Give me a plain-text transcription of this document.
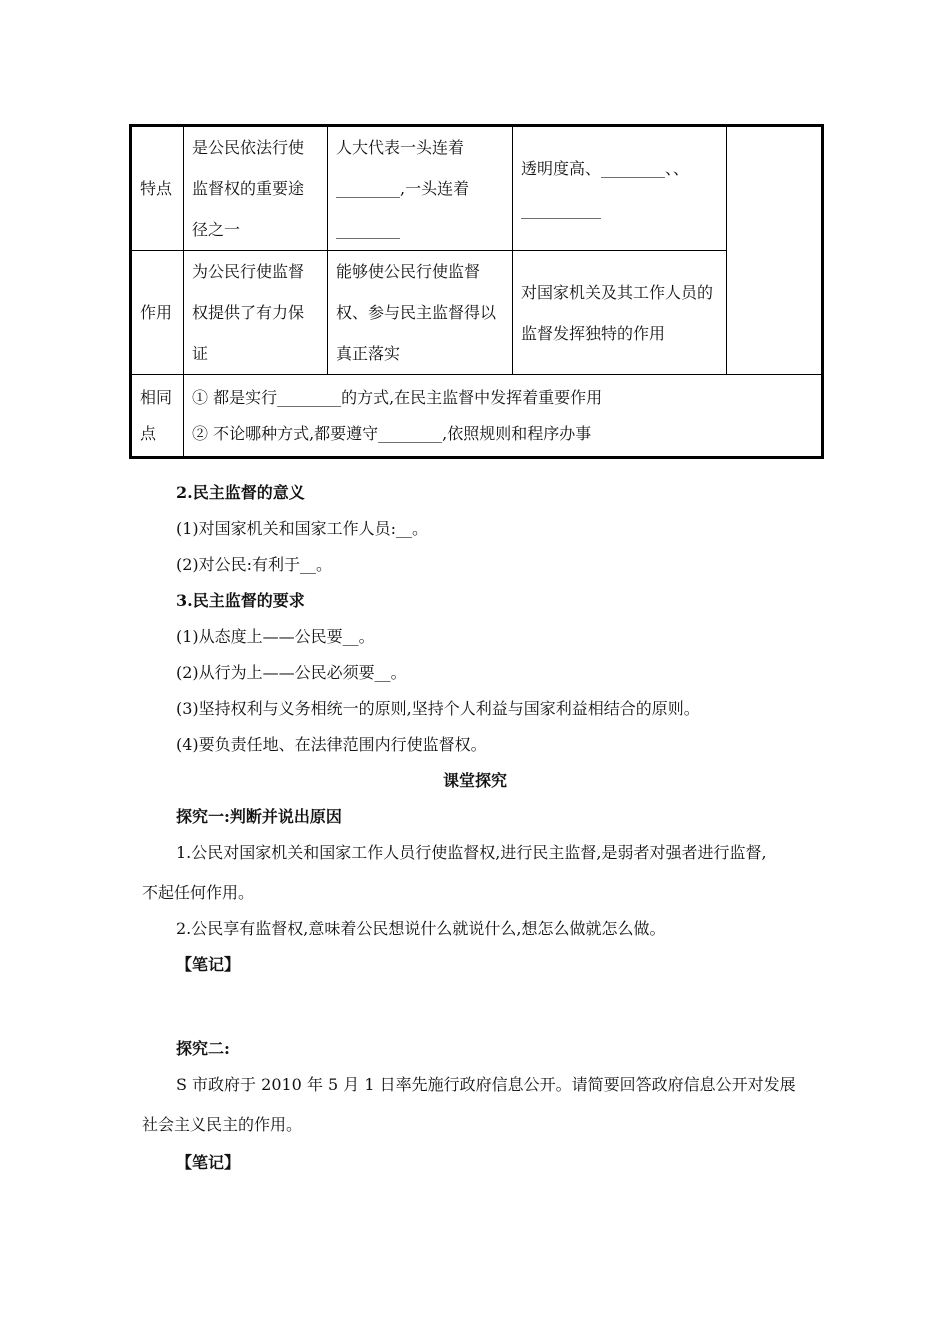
特点	是公民依法行使监督权的重要途径之一	人大代表一头连着________,一头连着________	透明度高、________、、__________	

作用	为公民行使监督权提供了有力保证	能够使公民行使监督权、参与民主监督得以真正落实	对国家机关及其工作人员的监督发挥独特的作用	

相同点	① 都是实行________的方式,在民主监督中发挥着重要作用
② 不论哪种方式,都要遵守________,依照规则和程序办事			
2.民主监督的意义
(1)对国家机关和国家工作人员:__。
(2)对公民:有利于__。
3.民主监督的要求
(1)从态度上——公民要__。
(2)从行为上——公民必须要__。
(3)坚持权利与义务相统一的原则,坚持个人利益与国家利益相结合的原则。
(4)要负责任地、在法律范围内行使监督权。
课堂探究
探究一:判断并说出原因
1.公民对国家机关和国家工作人员行使监督权,进行民主监督,是弱者对强者进行监督,
不起任何作用。
2.公民享有监督权,意味着公民想说什么就说什么,想怎么做就怎么做。
【笔记】
探究二:
S 市政府于 2010 年 5 月 1 日率先施行政府信息公开。请简要回答政府信息公开对发展
社会主义民主的作用。
【笔记】
